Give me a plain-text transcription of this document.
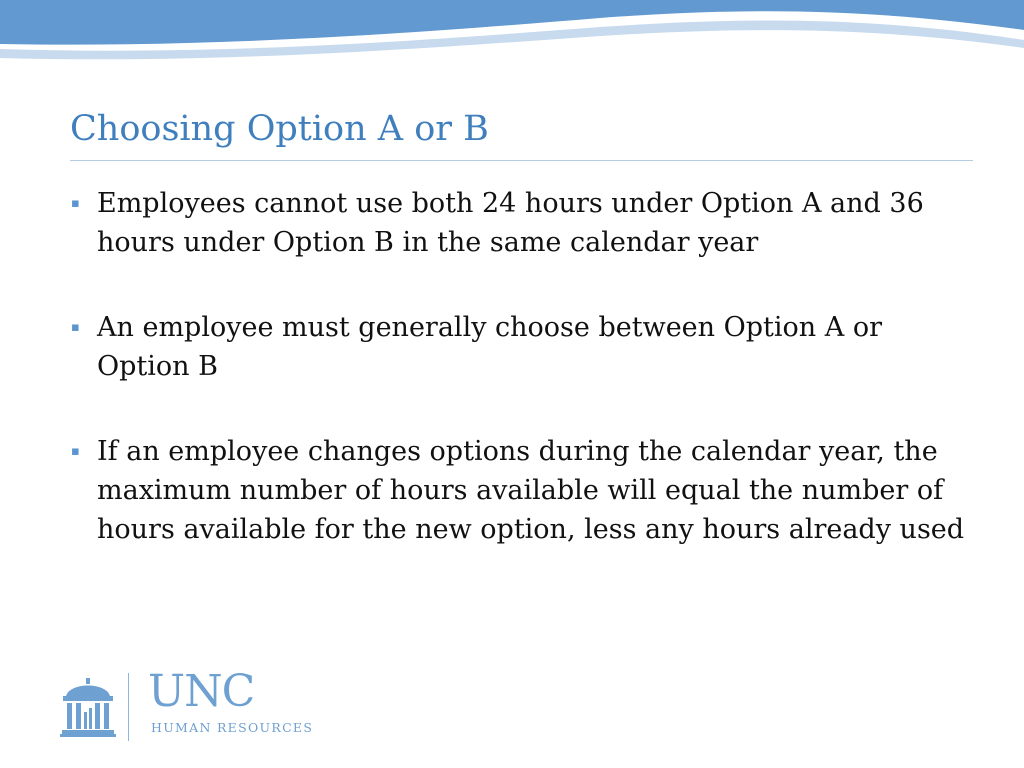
Choosing Option A or B
▪ Employees cannot use both 24 hours under Option A and 36 hours under Option B in the same calendar year
▪ An employee must generally choose between Option A or Option B
▪ If an employee changes options during the calendar year, the maximum number of hours available will equal the number of hours available for the new option, less any hours already used
UNC
HUMAN RESOURCES
